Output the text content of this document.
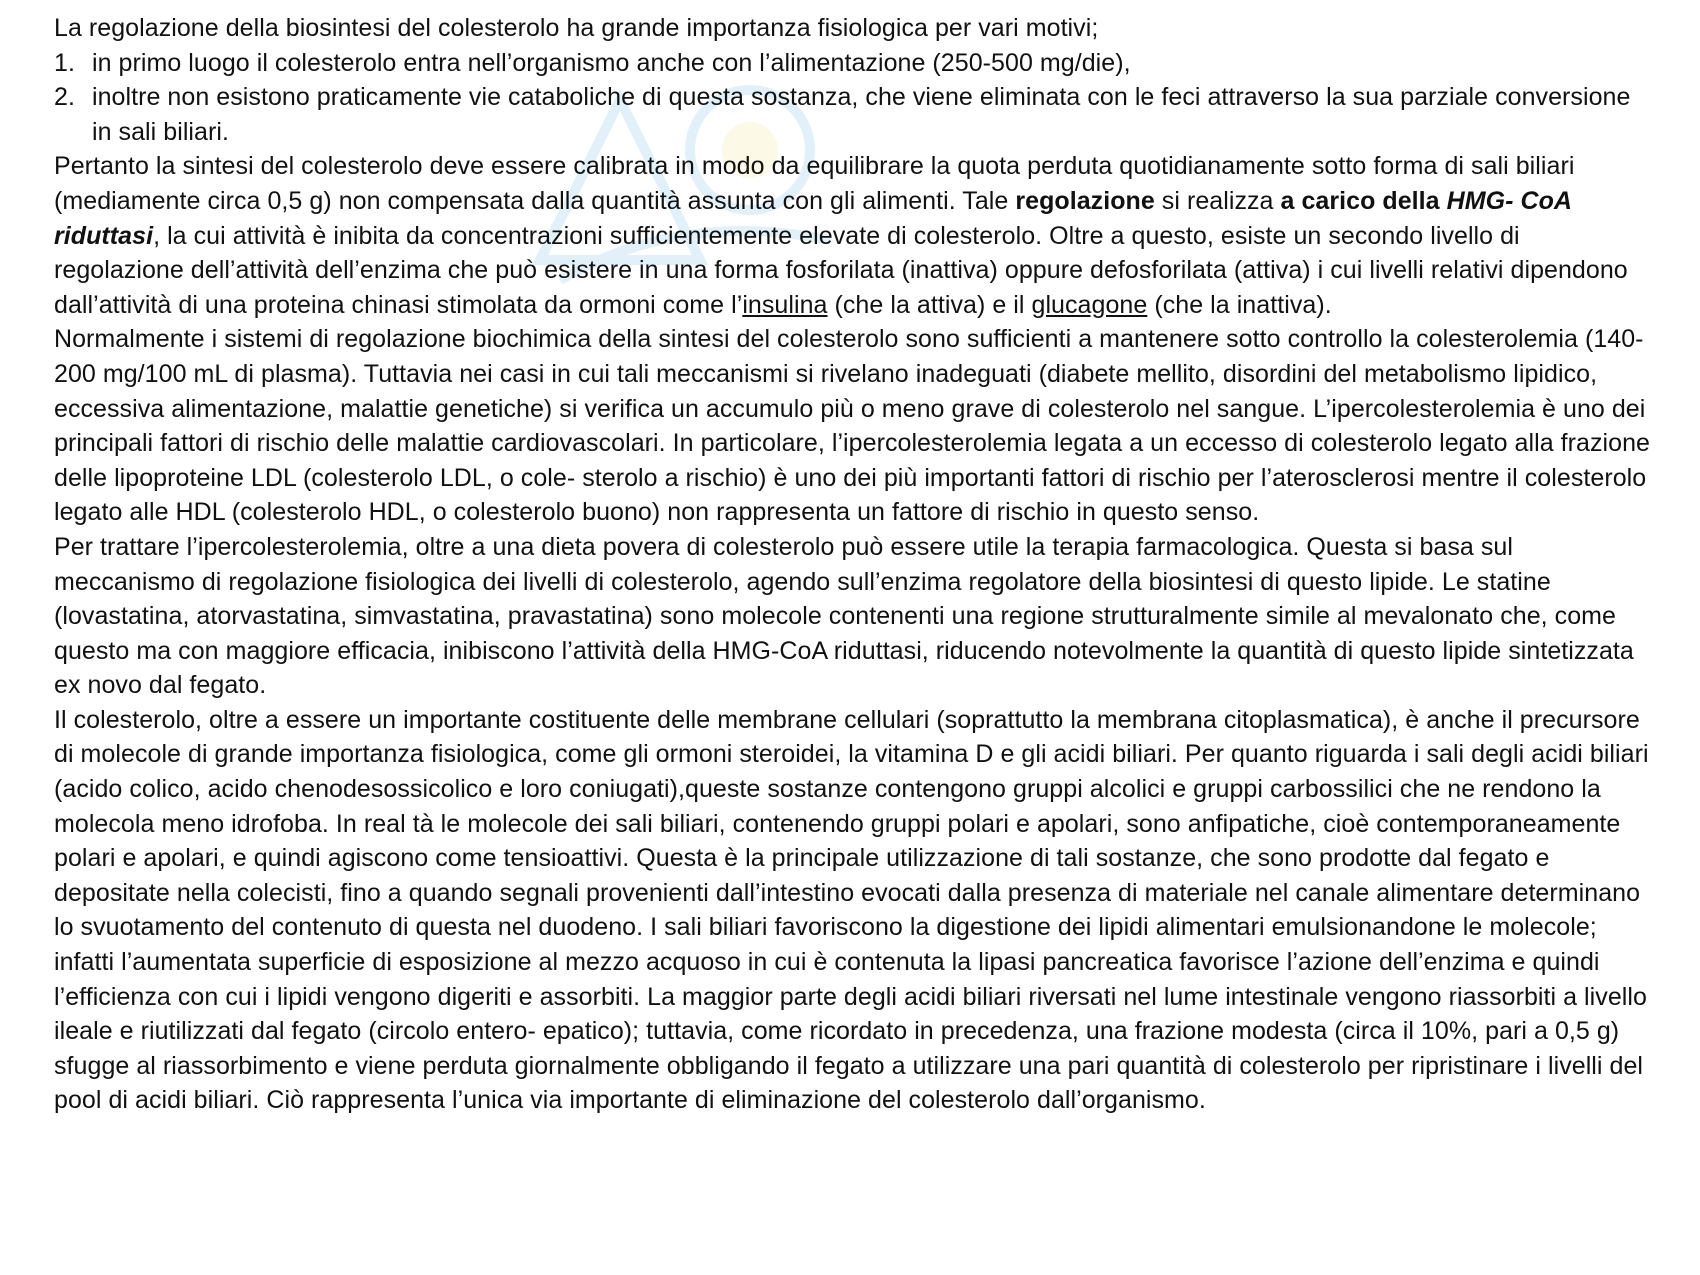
La regolazione della biosintesi del colesterolo ha grande importanza fisiologica per vari motivi;

1. in primo luogo il colesterolo entra nell’organismo anche con l’alimentazione (250-500 mg/die),
2. inoltre non esistono praticamente vie cataboliche di questa sostanza, che viene eliminata con le feci attraverso la sua parziale conversione in sali biliari.

Pertanto la sintesi del colesterolo deve essere calibrata in modo da equilibrare la quota perduta quotidianamente sotto forma di sali biliari (mediamente circa 0,5 g) non compensata dalla quantità assunta con gli alimenti. Tale regolazione si realizza a carico della HMG- CoA riduttasi, la cui attività è inibita da concentrazioni sufficientemente elevate di colesterolo. Oltre a questo, esiste un secondo livello di regolazione dell’attività dell’enzima che può esistere in una forma fosforilata (inattiva) oppure defosforilata (attiva) i cui livelli relativi dipendono dall’attività di una proteina chinasi stimolata da ormoni come l’insulina (che la attiva) e il glucagone (che la inattiva).

Normalmente i sistemi di regolazione biochimica della sintesi del colesterolo sono sufficienti a mantenere sotto controllo la colesterolemia (140-200 mg/100 mL di plasma). Tuttavia nei casi in cui tali meccanismi si rivelano inadeguati (diabete mellito, disordini del metabolismo lipidico, eccessiva alimentazione, malattie genetiche) si verifica un accumulo più o meno grave di colesterolo nel sangue. L’ipercolesterolemia è uno dei principali fattori di rischio delle malattie cardiovascolari. In particolare, l’ipercolesterolemia legata a un eccesso di colesterolo legato alla frazione delle lipoproteine LDL (colesterolo LDL, o cole- sterolo a rischio) è uno dei più importanti fattori di rischio per l’aterosclerosi mentre il colesterolo legato alle HDL (colesterolo HDL, o colesterolo buono) non rappresenta un fattore di rischio in questo senso.

Per trattare l’ipercolesterolemia, oltre a una dieta povera di colesterolo può essere utile la terapia farmacologica. Questa si basa sul meccanismo di regolazione fisiologica dei livelli di colesterolo, agendo sull’enzima regolatore della biosintesi di questo lipide. Le statine (lovastatina, atorvastatina, simvastatina, pravastatina) sono molecole contenenti una regione strutturalmente simile al mevalonato che, come questo ma con maggiore efficacia, inibiscono l’attività della HMG-CoA riduttasi, riducendo notevolmente la quantità di questo lipide sintetizzata ex novo dal fegato.

Il colesterolo, oltre a essere un importante costituente delle membrane cellulari (soprattutto la membrana citoplasmatica), è anche il precursore di molecole di grande importanza fisiologica, come gli ormoni steroidei, la vitamina D e gli acidi biliari. Per quanto riguarda i sali degli acidi biliari (acido colico, acido chenodesossicolico e loro coniugati),queste sostanze contengono gruppi alcolici e gruppi carbossilici che ne rendono la molecola meno idrofoba. In real tà le molecole dei sali biliari, contenendo gruppi polari e apolari, sono anfipatiche, cioè contemporaneamente polari e apolari, e quindi agiscono come tensioattivi. Questa è la principale utilizzazione di tali sostanze, che sono prodotte dal fegato e depositate nella colecisti, fino a quando segnali provenienti dall’intestino evocati dalla presenza di materiale nel canale alimentare determinano lo svuotamento del contenuto di questa nel duodeno. I sali biliari favoriscono la digestione dei lipidi alimentari emulsionandone le molecole; infatti l’aumentata superficie di esposizione al mezzo acquoso in cui è contenuta la lipasi pancreatica favorisce l’azione dell’enzima e quindi l’efficienza con cui i lipidi vengono digeriti e assorbiti. La maggior parte degli acidi biliari riversati nel lume intestinale vengono riassorbiti a livello ileale e riutilizzati dal fegato (circolo entero- epatico); tuttavia, come ricordato in precedenza, una frazione modesta (circa il 10%, pari a 0,5 g) sfugge al riassorbimento e viene perduta giornalmente obbligando il fegato a utilizzare una pari quantità di colesterolo per ripristinare i livelli del pool di acidi biliari. Ciò rappresenta l’unica via importante di eliminazione del colesterolo dall’organismo.
